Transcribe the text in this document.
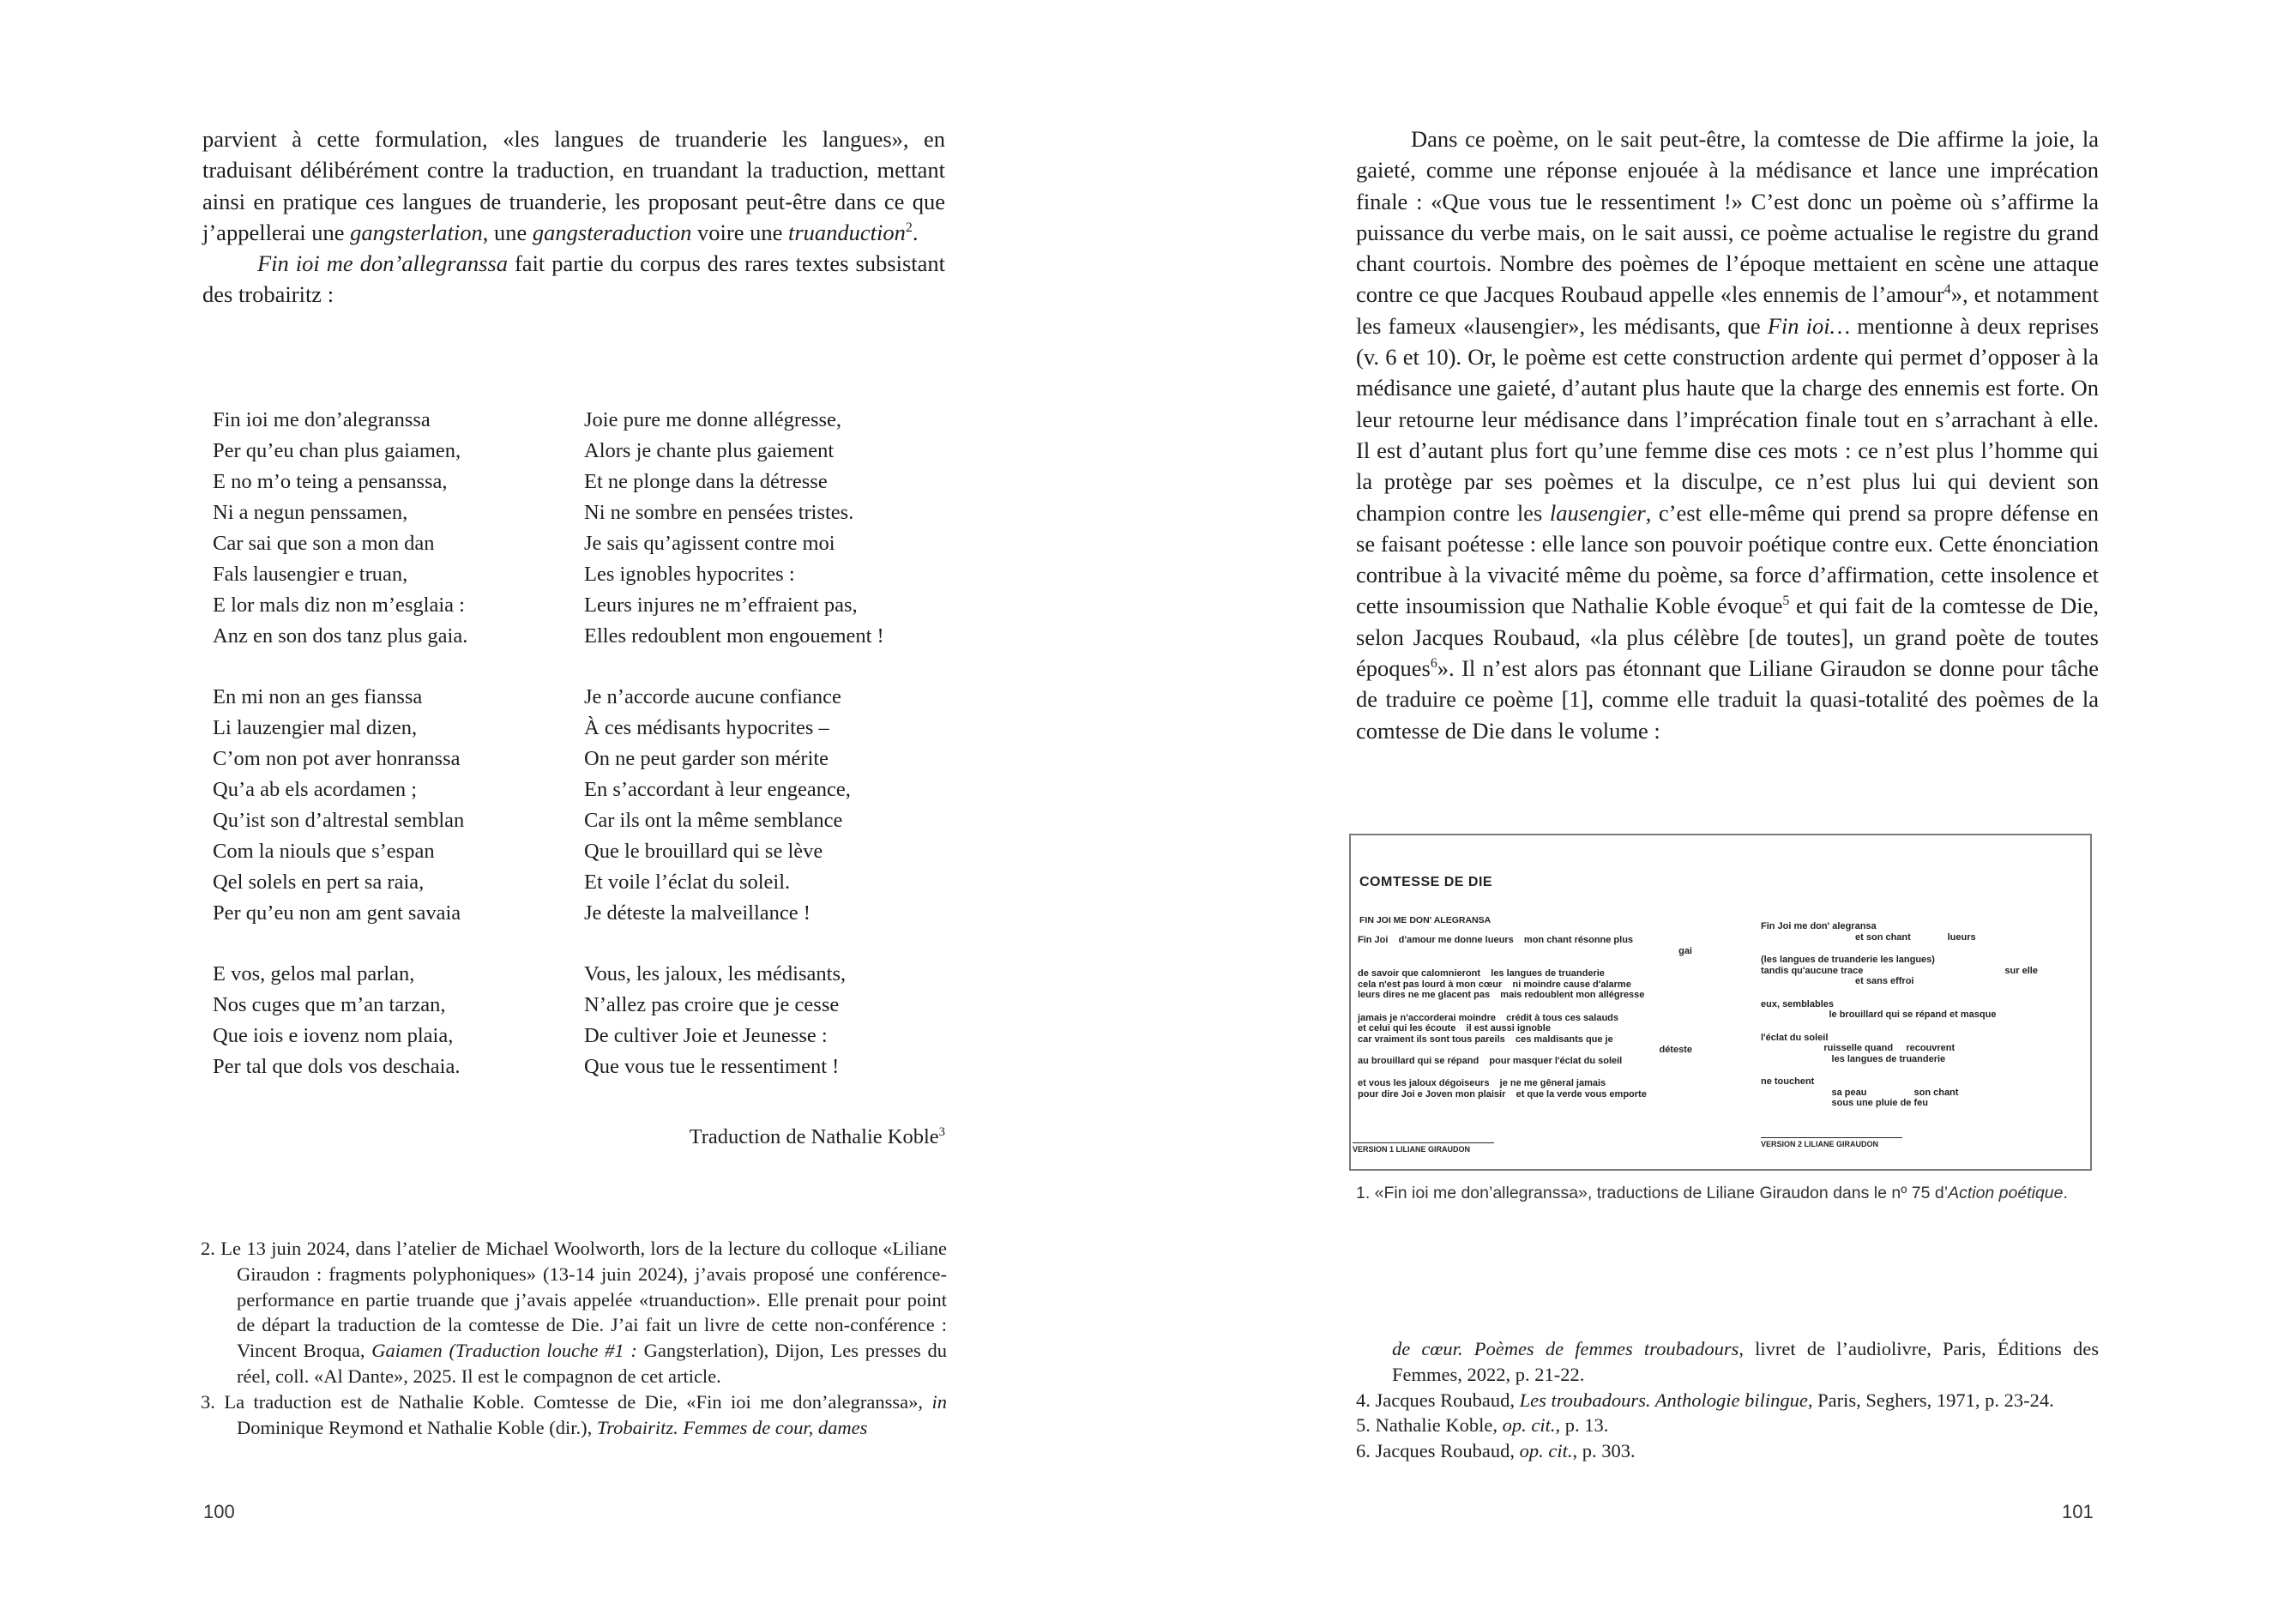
parvient à cette formulation, «les langues de truanderie les langues», en traduisant délibérément contre la traduction, en truandant la traduction, mettant ainsi en pratique ces langues de truanderie, les proposant peut-être dans ce que j’appellerai une gangsterlation, une gangsteraduction voire une truanduction$^2$.

Fin ioi me don’allegranssa fait partie du corpus des rares textes subsistant des trobairitz :

Fin ioi me don’alegranssa
Per qu’eu chan plus gaiamen,
E no m’o teing a pensanssa,
Ni a negun penssamen,
Car sai que son a mon dan
Fals lausengier e truan,
E lor mals diz non m’esglaia :
Anz en son dos tanz plus gaia.
Joie pure me donne allégresse,
Alors je chante plus gaiement
Et ne plonge dans la détresse
Ni ne sombre en pensées tristes.
Je sais qu’agissent contre moi
Les ignobles hypocrites :
Leurs injures ne m’effraient pas,
Elles redoublent mon engouement !
En mi non an ges fianssa
Li lauzengier mal dizen,
C’om non pot aver honranssa
Qu’a ab els acordamen ;
Qu’ist son d’altrestal semblan
Com la niouls que s’espan
Qel solels en pert sa raia,
Per qu’eu non am gent savaia
Je n’accorde aucune confiance
À ces médisants hypocrites –
On ne peut garder son mérite
En s’accordant à leur engeance,
Car ils ont la même semblance
Que le brouillard qui se lève
Et voile l’éclat du soleil.
Je déteste la malveillance !
E vos, gelos mal parlan,
Nos cuges que m’an tarzan,
Que iois e iovenz nom plaia,
Per tal que dols vos deschaia.
Vous, les jaloux, les médisants,
N’allez pas croire que je cesse
De cultiver Joie et Jeunesse :
Que vous tue le ressentiment !
Traduction de Nathalie Koble$^3$

2. Le 13 juin 2024, dans l’atelier de Michael Woolworth, lors de la lecture du colloque «Liliane Giraudon : fragments polyphoniques» (13-14 juin 2024), j’avais proposé une conférence-performance en partie truande que j’avais appelée «truanduction». Elle prenait pour point de départ la traduction de la comtesse de Die. J’ai fait un livre de cette non-conférence : Vincent Broqua, Gaiamen (Traduction louche #1 : Gangsterlation), Dijon, Les presses du réel, coll. «Al Dante», 2025. Il est le compagnon de cet article.

3. La traduction est de Nathalie Koble. Comtesse de Die, «Fin ioi me don’alegranssa», in Dominique Reymond et Nathalie Koble (dir.), Trobairitz. Femmes de cour, dames

100

Dans ce poème, on le sait peut-être, la comtesse de Die affirme la joie, la gaieté, comme une réponse enjouée à la médisance et lance une imprécation finale : «Que vous tue le ressentiment !» C’est donc un poème où s’affirme la puissance du verbe mais, on le sait aussi, ce poème actualise le registre du grand chant courtois. Nombre des poèmes de l’époque mettaient en scène une attaque contre ce que Jacques Roubaud appelle «les ennemis de l’amour$^4$», et notamment les fameux «lausengier», les médisants, que Fin ioi… mentionne à deux reprises (v. 6 et 10). Or, le poème est cette construction ardente qui permet d’opposer à la médisance une gaieté, d’autant plus haute que la charge des ennemis est forte. On leur retourne leur médisance dans l’imprécation finale tout en s’arrachant à elle. Il est d’autant plus fort qu’une femme dise ces mots : ce n’est plus l’homme qui la protège par ses poèmes et la disculpe, ce n’est plus lui qui devient son champion contre les lausengier, c’est elle-même qui prend sa propre défense en se faisant poétesse : elle lance son pouvoir poétique contre eux. Cette énonciation contribue à la vivacité même du poème, sa force d’affirmation, cette insolence et cette insoumission que Nathalie Koble évoque$^5$ et qui fait de la comtesse de Die, selon Jacques Roubaud, «la plus célèbre [de toutes], un grand poète de toutes époques$^6$». Il n’est alors pas étonnant que Liliane Giraudon se donne pour tâche de traduire ce poème [1], comme elle traduit la quasi-totalité des poèmes de la comtesse de Die dans le volume :

COMTESSE DE DIE
FIN JOI ME DON' ALEGRANSA
Fin Joi    d'amour me donne lueurs    mon chant résonne plus
gai
de savoir que calomnieront    les langues de truanderie
cela n'est pas lourd à mon cœur    ni moindre cause d'alarme
leurs dires ne me glacent pas    mais redoublent mon allégresse
jamais je n'accorderai moindre    crédit à tous ces salauds
et celui qui les écoute    il est aussi ignoble
car vraiment ils sont tous pareils    ces maldisants que je
déteste
au brouillard qui se répand    pour masquer l'éclat du soleil
et vous les jaloux dégoiseurs    je ne me gêneral jamais
pour dire Joi e Joven mon plaisir    et que la verde vous emporte
Fin Joi me don' alegransa
et son chant              lueurs
(les langues de truanderie les langues)
tandis qu'aucune trace                                                      sur elle
et sans effroi
eux, semblables
le brouillard qui se répand et masque
l'éclat du soleil
ruisselle quand     recouvrent
les langues de truanderie
ne touchent
sa peau                  son chant
sous une pluie de feu
VERSION 1 LILIANE GIRAUDON
VERSION 2 LILIANE GIRAUDON
1. «Fin ioi me don’allegranssa», traductions de Liliane Giraudon dans le nº 75 d’Action poétique.

de cœur. Poèmes de femmes troubadours, livret de l’audiolivre, Paris, Éditions des Femmes, 2022, p. 21-22.

4. Jacques Roubaud, Les troubadours. Anthologie bilingue, Paris, Seghers, 1971, p. 23-24.

5. Nathalie Koble, op. cit., p. 13.

6. Jacques Roubaud, op. cit., p. 303.

101
